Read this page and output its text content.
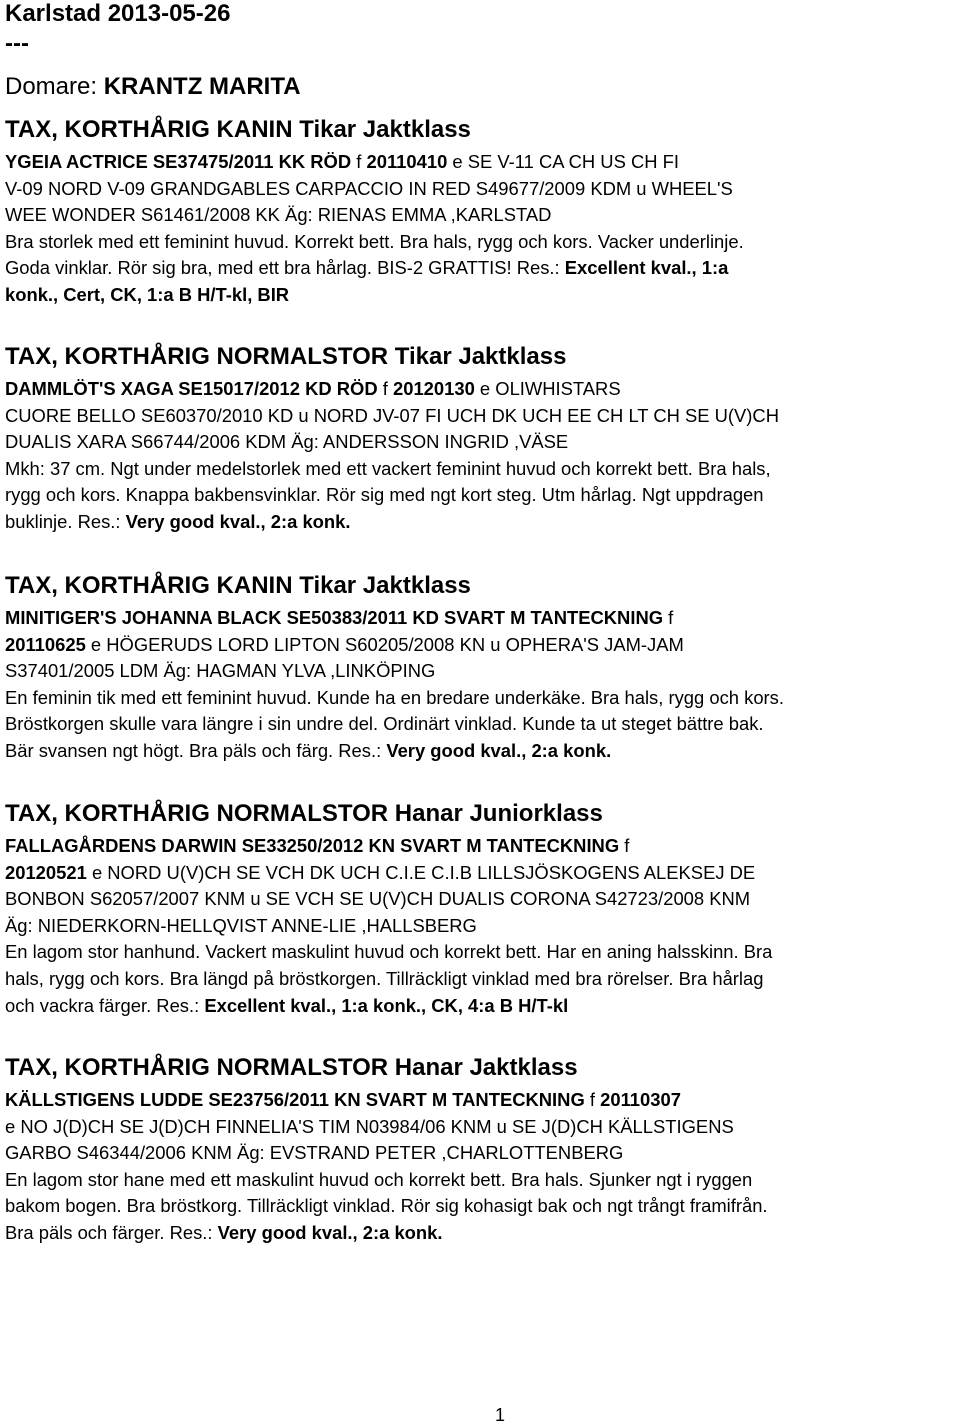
Karlstad 2013-05-26
---
Domare: KRANTZ MARITA
TAX, KORTHÅRIG KANIN Tikar Jaktklass
YGEIA ACTRICE SE37475/2011 KK RÖD f 20110410 e SE V-11 CA CH US CH FI
V-09 NORD V-09 GRANDGABLES CARPACCIO IN RED S49677/2009 KDM u WHEEL'S
WEE WONDER S61461/2008 KK Äg: RIENAS EMMA ,KARLSTAD
Bra storlek med ett feminint huvud. Korrekt bett. Bra hals, rygg och kors. Vacker underlinje.
Goda vinklar. Rör sig bra, med ett bra hårlag. BIS-2 GRATTIS! Res.: Excellent kval., 1:a
konk., Cert, CK, 1:a B H/T-kl, BIR
TAX, KORTHÅRIG NORMALSTOR Tikar Jaktklass
DAMMLÖT'S XAGA SE15017/2012 KD RÖD f 20120130 e OLIWHISTARS
CUORE BELLO SE60370/2010 KD u NORD JV-07 FI UCH DK UCH EE CH LT CH SE U(V)CH
DUALIS XARA S66744/2006 KDM Äg: ANDERSSON INGRID ,VÄSE
Mkh: 37 cm. Ngt under medelstorlek med ett vackert feminint huvud och korrekt bett. Bra hals,
rygg och kors. Knappa bakbensvinklar. Rör sig med ngt kort steg. Utm hårlag. Ngt uppdragen
buklinje. Res.: Very good kval., 2:a konk.
TAX, KORTHÅRIG KANIN Tikar Jaktklass
MINITIGER'S JOHANNA BLACK SE50383/2011 KD SVART M TANTECKNING f
20110625 e HÖGERUDS LORD LIPTON S60205/2008 KN u OPHERA'S JAM-JAM
S37401/2005 LDM Äg: HAGMAN YLVA ,LINKÖPING
En feminin tik med ett feminint huvud. Kunde ha en bredare underkäke. Bra hals, rygg och kors.
Bröstkorgen skulle vara längre i sin undre del. Ordinärt vinklad. Kunde ta ut steget bättre bak.
Bär svansen ngt högt. Bra päls och färg. Res.: Very good kval., 2:a konk.
TAX, KORTHÅRIG NORMALSTOR Hanar Juniorklass
FALLAGÅRDENS DARWIN SE33250/2012 KN SVART M TANTECKNING f
20120521 e NORD U(V)CH SE VCH DK UCH C.I.E C.I.B LILLSJÖSKOGENS ALEKSEJ DE
BONBON S62057/2007 KNM u SE VCH SE U(V)CH DUALIS CORONA S42723/2008 KNM
Äg: NIEDERKORN-HELLQVIST ANNE-LIE ,HALLSBERG
En lagom stor hanhund. Vackert maskulint huvud och korrekt bett. Har en aning halsskinn. Bra
hals, rygg och kors. Bra längd på bröstkorgen. Tillräckligt vinklad med bra rörelser. Bra hårlag
och vackra färger. Res.: Excellent kval., 1:a konk., CK, 4:a B H/T-kl
TAX, KORTHÅRIG NORMALSTOR Hanar Jaktklass
KÄLLSTIGENS LUDDE SE23756/2011 KN SVART M TANTECKNING f 20110307
e NO J(D)CH SE J(D)CH FINNELIA'S TIM N03984/06 KNM u SE J(D)CH KÄLLSTIGENS
GARBO S46344/2006 KNM Äg: EVSTRAND PETER ,CHARLOTTENBERG
En lagom stor hane med ett maskulint huvud och korrekt bett. Bra hals. Sjunker ngt i ryggen
bakom bogen. Bra bröstkorg. Tillräckligt vinklad. Rör sig kohasigt bak och ngt trångt framifrån.
Bra päls och färger. Res.: Very good kval., 2:a konk.
1
